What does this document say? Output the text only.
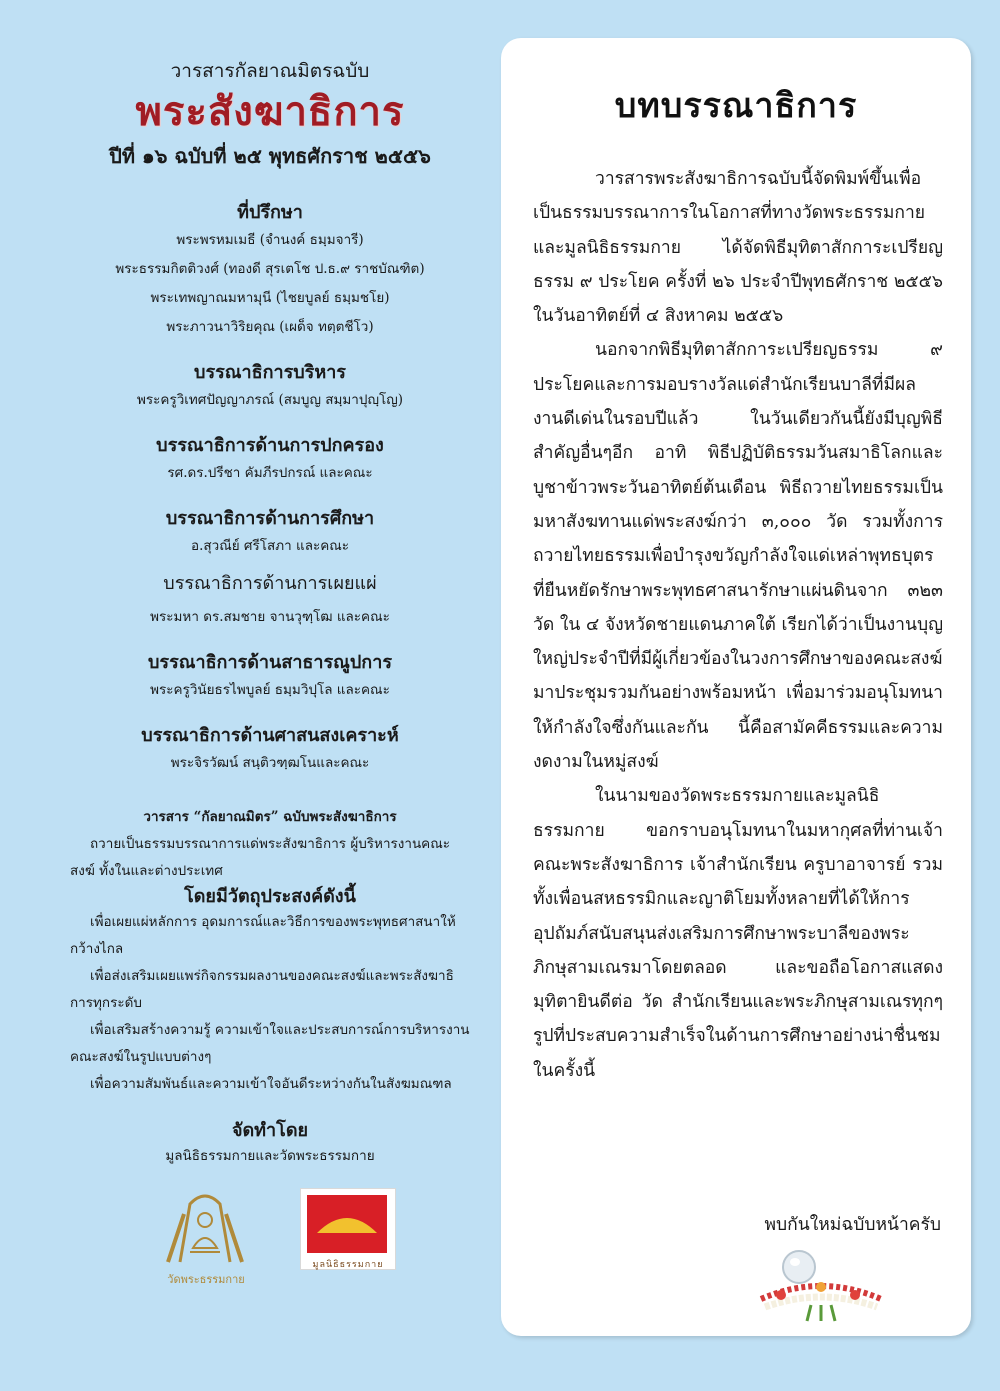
วารสารกัลยาณมิตรฉบับ

พระสังฆาธิการ

ปีที่ ๑๖ ฉบับที่ ๒๕ พุทธศักราช ๒๕๕๖

ที่ปรึกษา

พระพรหมเมธี (จำนงค์ ธมฺมจารี)

พระธรรมกิตติวงศ์ (ทองดี สุรเตโช ป.ธ.๙ ราชบัณฑิต)

พระเทพญาณมหามุนี (ไชยบูลย์ ธมฺมชโย)

พระภาวนาวิริยคุณ (เผด็จ ทตฺตชีโว)

บรรณาธิการบริหาร

พระครูวิเทศปัญญาภรณ์ (สมบูญ สมฺมาปุญฺโญ)

บรรณาธิการด้านการปกครอง

รศ.ดร.ปรีชา คัมภีรปกรณ์ และคณะ

บรรณาธิการด้านการศึกษา

อ.สุวณีย์ ศรีโสภา และคณะ

บรรณาธิการด้านการเผยแผ่

พระมหา ดร.สมชาย จานวุฑฺโฒ และคณะ

บรรณาธิการด้านสาธารณูปการ

พระครูวินัยธรไพบูลย์ ธมฺมวิปุโล และคณะ

บรรณาธิการด้านศาสนสงเคราะห์

พระจิรวัฒน์ สนฺติวฑฺฒโนและคณะ

วารสาร “กัลยาณมิตร” ฉบับพระสังฆาธิการ

ถวายเป็นธรรมบรรณาการแด่พระสังฆาธิการ ผู้บริหารงานคณะสงฆ์ ทั้งในและต่างประเทศ

โดยมีวัตถุประสงค์ดังนี้

เพื่อเผยแผ่หลักการ อุดมการณ์และวิธีการของพระพุทธศาสนาให้กว้างไกล

เพื่อส่งเสริมเผยแพร่กิจกรรมผลงานของคณะสงฆ์และพระสังฆาธิการทุกระดับ

เพื่อเสริมสร้างความรู้ ความเข้าใจและประสบการณ์การบริหารงานคณะสงฆ์ในรูปแบบต่างๆ

เพื่อความสัมพันธ์และความเข้าใจอันดีระหว่างกันในสังฆมณฑล

จัดทำโดย

มูลนิธิธรรมกายและวัดพระธรรมกาย

วัดพระธรรมกาย
มูลนิธิธรรมกาย
บทบรรณาธิการ

วารสารพระสังฆาธิการฉบับนี้จัดพิมพ์ขึ้นเพื่อเป็นธรรมบรรณาการในโอกาสที่ทางวัดพระธรรมกายและมูลนิธิธรรมกาย ได้จัดพิธีมุทิตาสักการะเปรียญธรรม ๙ ประโยค ครั้งที่ ๒๖ ประจำปีพุทธศักราช ๒๕๕๖ ในวันอาทิตย์ที่ ๔ สิงหาคม ๒๕๕๖

นอกจากพิธีมุทิตาสักการะเปรียญธรรม ๙ ประโยคและการมอบรางวัลแด่สำนักเรียนบาลีที่มีผลงานดีเด่นในรอบปีแล้ว ในวันเดียวกันนี้ยังมีบุญพิธีสำคัญอื่นๆอีก อาทิ พิธีปฏิบัติธรรมวันสมาธิโลกและบูชาข้าวพระวันอาทิตย์ต้นเดือน พิธีถวายไทยธรรมเป็นมหาสังฆทานแด่พระสงฆ์กว่า ๓,๐๐๐ วัด รวมทั้งการถวายไทยธรรมเพื่อบำรุงขวัญกำลังใจแด่เหล่าพุทธบุตรที่ยืนหยัดรักษาพระพุทธศาสนารักษาแผ่นดินจาก ๓๒๓ วัด ใน ๔ จังหวัดชายแดนภาคใต้ เรียกได้ว่าเป็นงานบุญใหญ่ประจำปีที่มีผู้เกี่ยวข้องในวงการศึกษาของคณะสงฆ์มาประชุมรวมกันอย่างพร้อมหน้า เพื่อมาร่วมอนุโมทนาให้กำลังใจซึ่งกันและกัน นี้คือสามัคคีธรรมและความงดงามในหมู่สงฆ์

ในนามของวัดพระธรรมกายและมูลนิธิธรรมกาย ขอกราบอนุโมทนาในมหากุศลที่ท่านเจ้าคณะพระสังฆาธิการ เจ้าสำนักเรียน ครูบาอาจารย์ รวมทั้งเพื่อนสหธรรมิกและญาติโยมทั้งหลายที่ได้ให้การอุปถัมภ์สนับสนุนส่งเสริมการศึกษาพระบาลีของพระภิกษุสามเณรมาโดยตลอด และขอถือโอกาสแสดงมุทิตายินดีต่อ วัด สำนักเรียนและพระภิกษุสามเณรทุกๆรูปที่ประสบความสำเร็จในด้านการศึกษาอย่างน่าชื่นชมในครั้งนี้

พบกันใหม่ฉบับหน้าครับ
